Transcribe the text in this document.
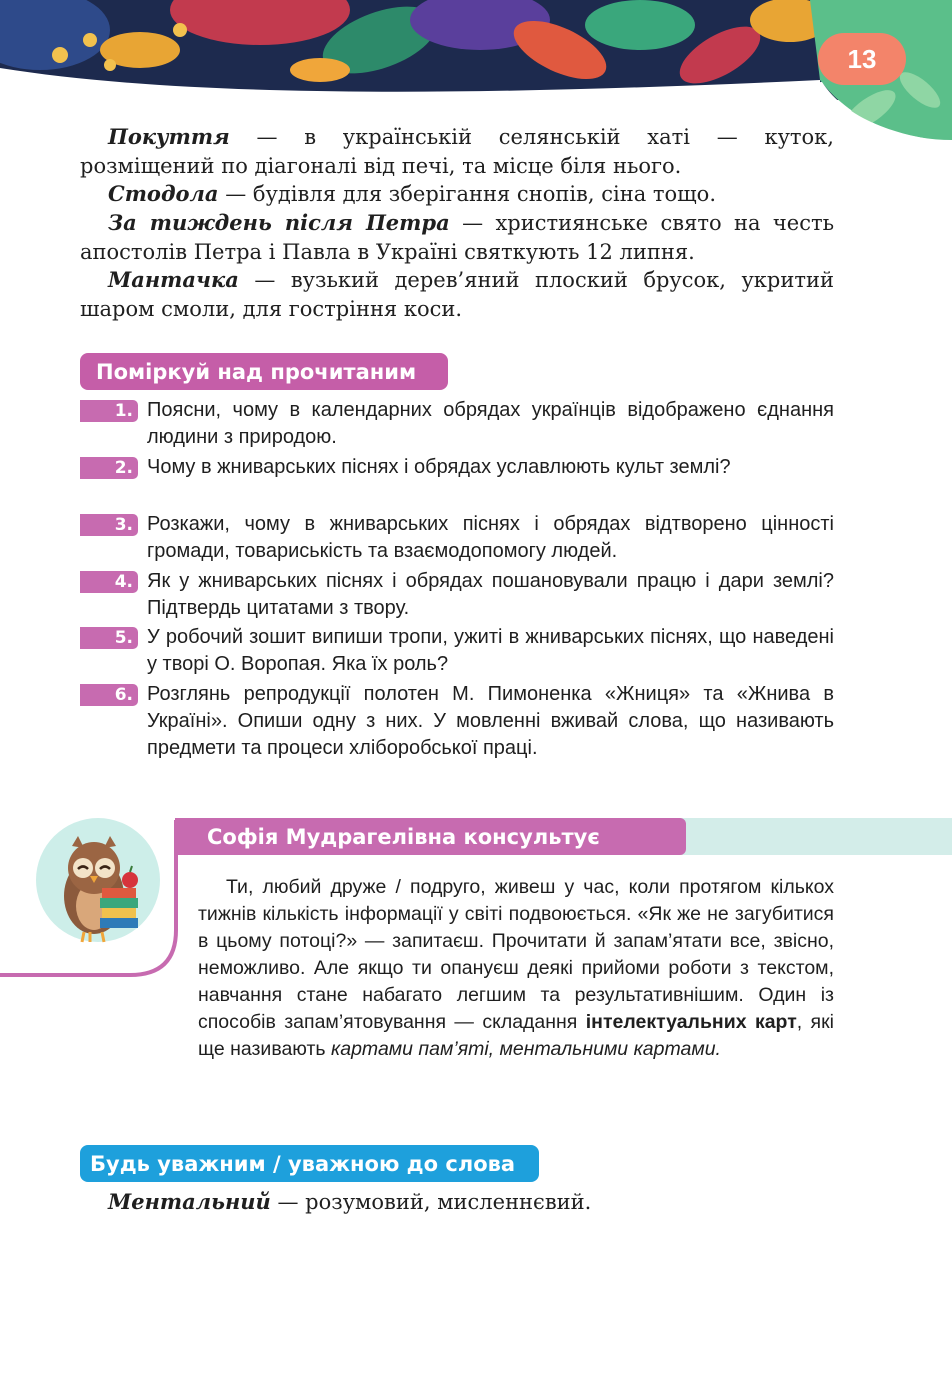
13
Покуття — в українській селянській хаті — куток, розміщений по діагоналі від печі, та місце біля нього.
Стодола — будівля для зберігання снопів, сіна тощо.
За тиждень після Петра — християнське свято на честь апостолів Петра і Павла в Україні святкують 12 липня.
Мантачка — вузький дерев’яний плоский брусок, укритий шаром смоли, для гостріння коси.
Поміркуй над прочитаним
1. Поясни, чому в календарних обрядах українців відображено єднання людини з природою.
2. Чому в жниварських піснях і обрядах уславлюють культ землі?
3. Розкажи, чому в жниварських піснях і обрядах відтворено цінності громади, товариськість та взаємодопомогу людей.
4. Як у жниварських піснях і обрядах пошановували працю і дари землі? Підтвердь цитатами з твору.
5. У робочий зошит випиши тропи, ужиті в жниварських піснях, що наведені у творі О. Воропая. Яка їх роль?
6. Розглянь репродукції полотен М. Пимоненка «Жниця» та «Жнива в Україні». Опиши одну з них. У мовленні вживай слова, що називають предмети та процеси хліборобської праці.
Софія Мудрагелівна консультує
Ти, любий друже / подруго, живеш у час, коли протягом кількох тижнів кількість інформації у світі подвоюється. «Як же не загубитися в цьому потоці?» — запитаєш. Прочитати й запам’ятати все, звісно, неможливо. Але якщо ти опануєш деякі прийоми роботи з текстом, навчання стане набагато легшим та результативнішим. Один із способів запам’ятовування — складання інтелектуальних карт, які ще називають картами пам’яті, ментальними картами.
Будь уважним / уважною до слова
Ментальний — розумовий, мисленнєвий.
